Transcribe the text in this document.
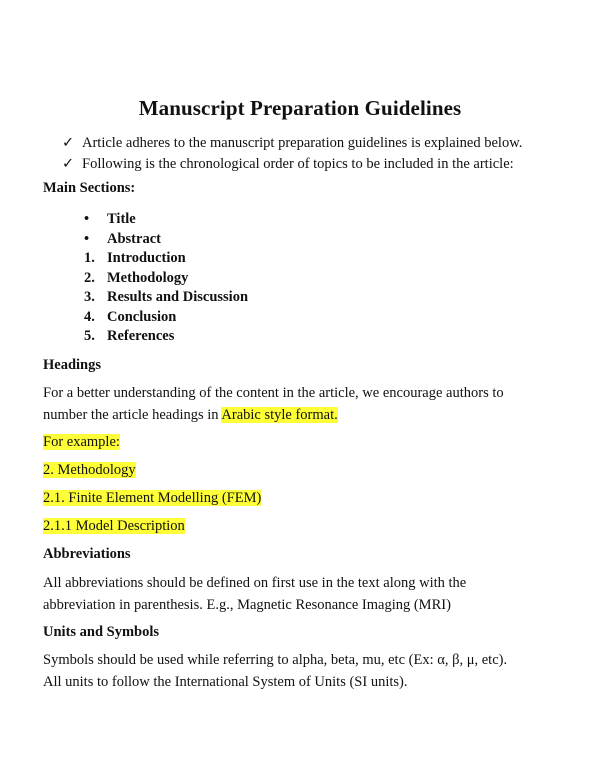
Manuscript Preparation Guidelines
✓ Article adheres to the manuscript preparation guidelines is explained below.
✓ Following is the chronological order of topics to be included in the article:
Main Sections:
• Title
• Abstract
1. Introduction
2. Methodology
3. Results and Discussion
4. Conclusion
5. References
Headings

For a better understanding of the content in the article, we encourage authors to
number the article headings in Arabic style format.

For example:

2. Methodology

2.1. Finite Element Modelling (FEM)

2.1.1 Model Description

Abbreviations

All abbreviations should be defined on first use in the text along with the
abbreviation in parenthesis. E.g., Magnetic Resonance Imaging (MRI)

Units and Symbols

Symbols should be used while referring to alpha, beta, mu, etc (Ex: α, β, μ, etc).
All units to follow the International System of Units (SI units).
